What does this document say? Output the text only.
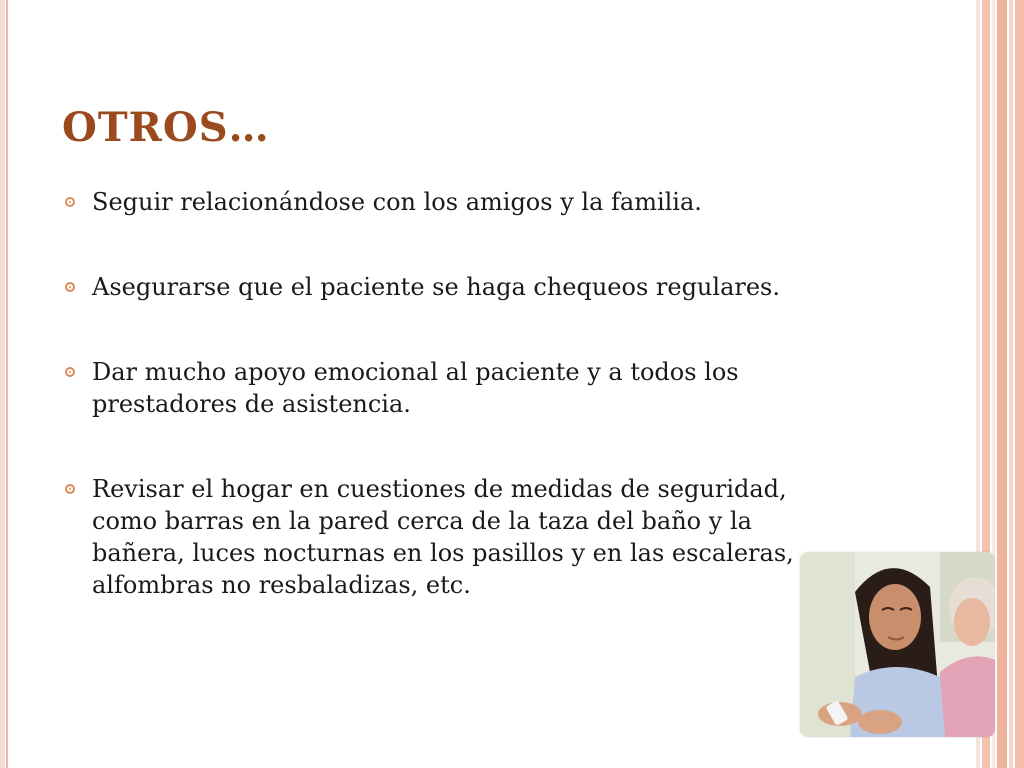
OTROS…
Seguir relacionándose con los amigos y la familia.
Asegurarse que el paciente se haga chequeos regulares.
Dar mucho apoyo emocional al paciente y a todos los prestadores de asistencia.
Revisar el hogar en cuestiones de medidas de seguridad, como barras en la pared cerca de la taza del baño y la bañera, luces nocturnas en los pasillos y en las escaleras, alfombras no resbaladizas, etc.
